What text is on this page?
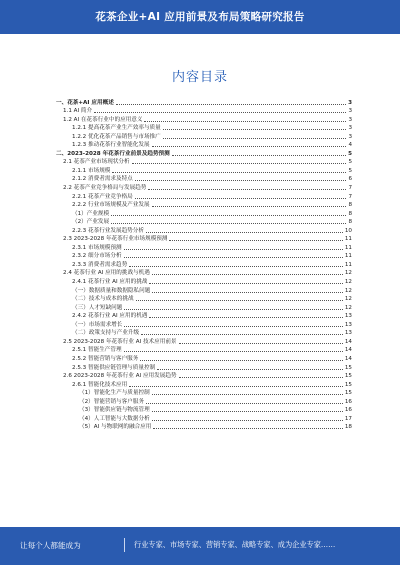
花茶企业+AI 应用前景及布局策略研究报告
内容目录
一、花茶+AI 应用概述	3
1.1 AI 简介	3
1.2 AI 在花茶行业中的应用意义	3
1.2.1 提高花茶产业生产效率与质量	3
1.2.2 优化花茶产品销售与市场推广	3
1.2.3 推动花茶行业智能化发展	4
二、2023-2028 年花茶行业前景及趋势预测	5
2.1 花茶产业市场现状分析	5
2.1.1 市场规模	5
2.1.2 消费者需求及特点	6
2.2 花茶产业竞争格局与发展趋势	7
2.2.1 花茶产业竞争格局	7
2.2.2 行业市场规模及产业发展	8
（1）产业规模	8
（2）产业发展	8
2.2.3 花茶行业发展趋势分析	10
2.3 2023-2028 年花茶行业市场规模预测	11
2.3.1 市场规模预测	11
2.3.2 细分市场分析	11
2.3.3 消费者需求趋势	11
2.4 花茶行业 AI 应用的挑战与机遇	12
2.4.1 花茶行业 AI 应用的挑战	12
（一）数据质量和数据隐私问题	12
（二）技术与成本的挑战	12
（三）人才短缺问题	12
2.4.2 花茶行业 AI 应用的机遇	13
（一）市场需求增长	13
（二）政策支持与产业升级	13
2.5 2023-2028 年花茶行业 AI 技术应用前景	14
2.5.1 智能生产管理	14
2.5.2 智能营销与客户服务	14
2.5.3 智能供应链管理与质量控制	15
2.6 2023-2028 年花茶行业 AI 应用发展趋势	15
2.6.1 智能化技术应用	15
（1）智能化生产与质量控制	15
（2）智能营销与客户服务	16
（3）智能供应链与物流管理	16
（4）人工智能与大数据分析	17
（5）AI 与物联网的融合应用	18
让每个人都能成为	行业专家、市场专家、营销专家、战略专家、成为企业专家……
